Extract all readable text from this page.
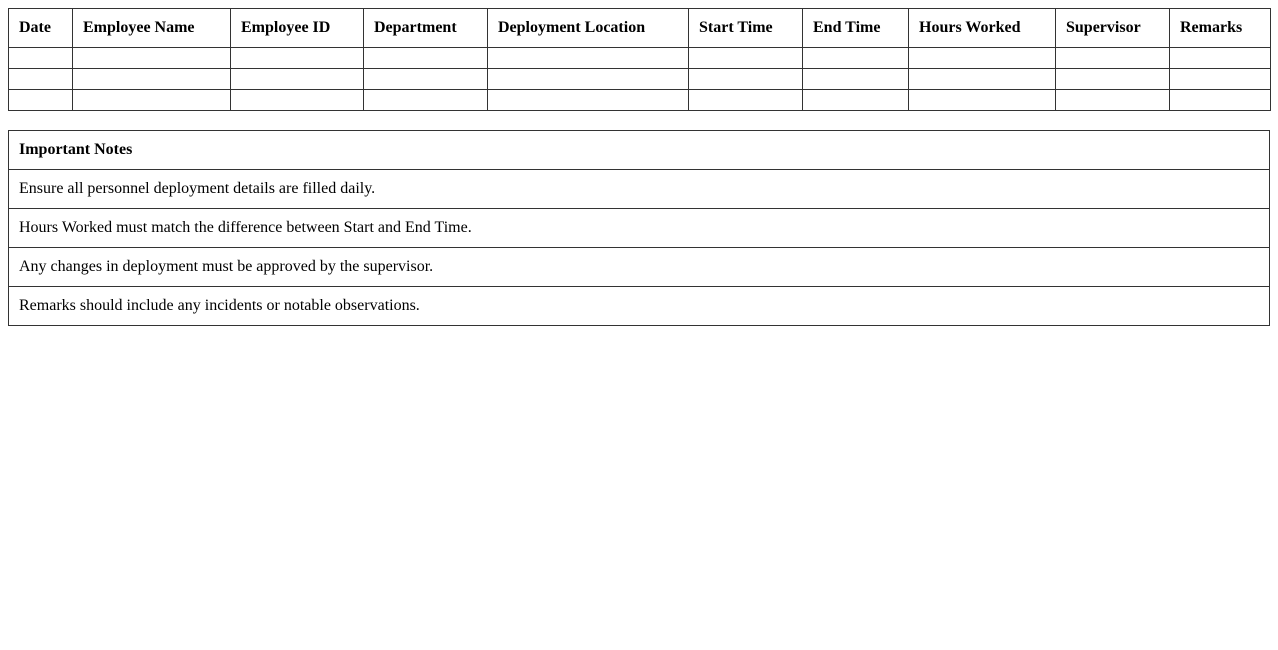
Date	Employee Name	Employee ID	Department	Deployment Location	Start Time	End Time	Hours Worked	Supervisor	Remarks

Important Notes
Ensure all personnel deployment details are filled daily.
Hours Worked must match the difference between Start and End Time.
Any changes in deployment must be approved by the supervisor.
Remarks should include any incidents or notable observations.
